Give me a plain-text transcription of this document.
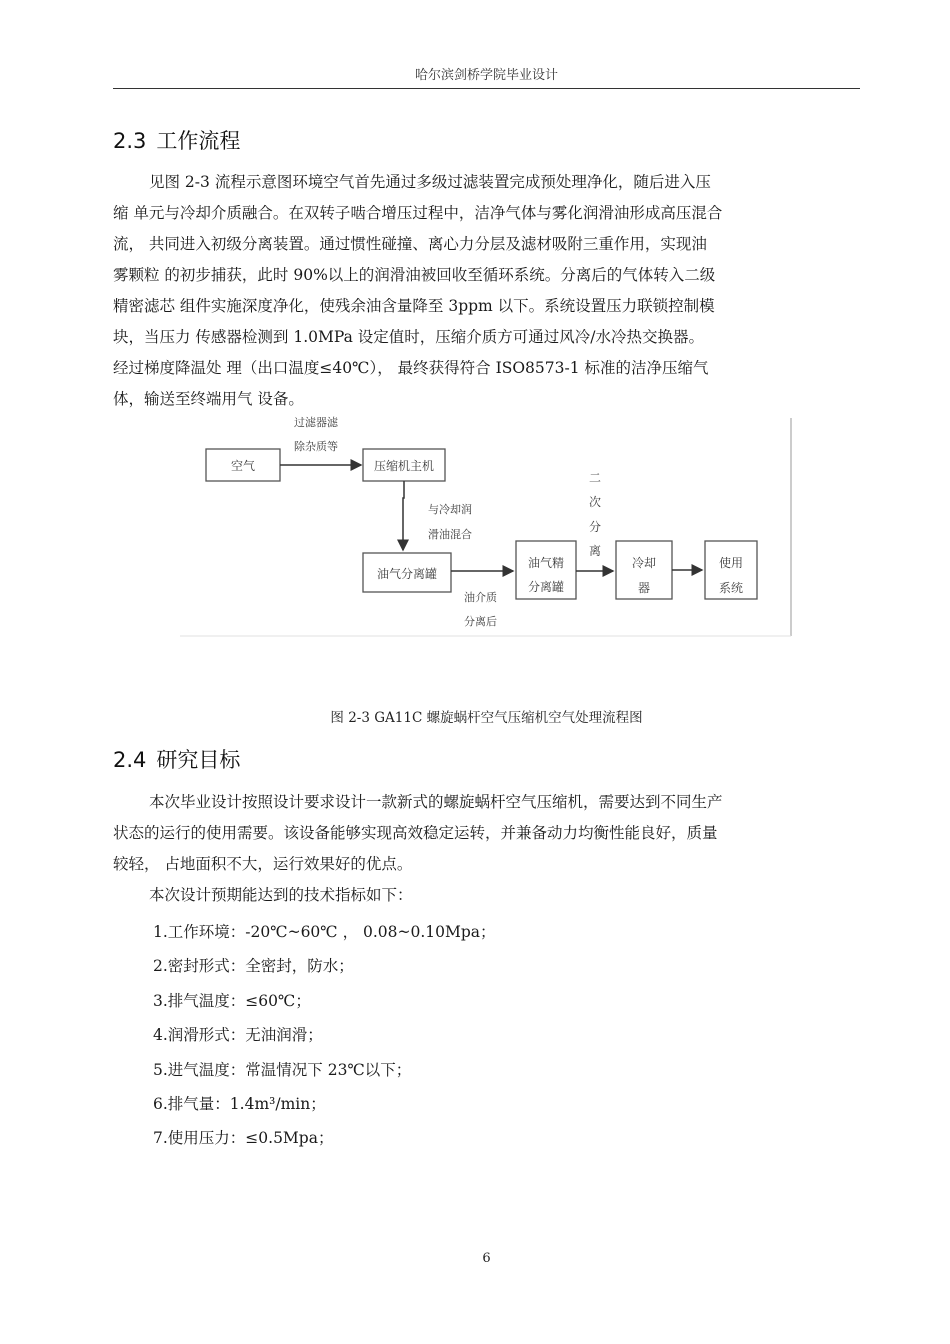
哈尔滨剑桥学院毕业设计
2.3 工作流程
见图 2-3 流程示意图环境空气首先通过多级过滤装置完成预处理净化，随后进入压
缩 单元与冷却介质融合。在双转子啮合增压过程中，洁净气体与雾化润滑油形成高压混合
流， 共同进入初级分离装置。通过惯性碰撞、离心力分层及滤材吸附三重作用，实现油
雾颗粒 的初步捕获，此时 90%以上的润滑油被回收至循环系统。分离后的气体转入二级
精密滤芯 组件实施深度净化，使残余油含量降至 3ppm 以下。系统设置压力联锁控制模
块，当压力 传感器检测到 1.0MPa 设定值时，压缩介质方可通过风冷/水冷热交换器。
经过梯度降温处 理（出口温度≤40℃）， 最终获得符合 ISO8573-1 标准的洁净压缩气
体，输送至终端用气 设备。
空气
过滤器滤
除杂质等
压缩机主机
与冷却润
滑油混合
油气分离罐
油介质
分离后
油气精
分离罐
二
次
分
离
冷却
器
使用
系统
图 2-3 GA11C 螺旋蜗杆空气压缩机空气处理流程图
2.4 研究目标
本次毕业设计按照设计要求设计一款新式的螺旋蜗杆空气压缩机，需要达到不同生产
状态的运行的使用需要。该设备能够实现高效稳定运转，并兼备动力均衡性能良好，质量
较轻， 占地面积不大，运行效果好的优点。
本次设计预期能达到的技术指标如下：
1.工作环境：-20℃~60℃ ， 0.08~0.10Mpa；
2.密封形式：全密封，防水；
3.排气温度：≤60℃；
4.润滑形式：无油润滑；
5.进气温度：常温情况下 23℃以下；
6.排气量：1.4m³/min；
7.使用压力：≤0.5Mpa；
6
